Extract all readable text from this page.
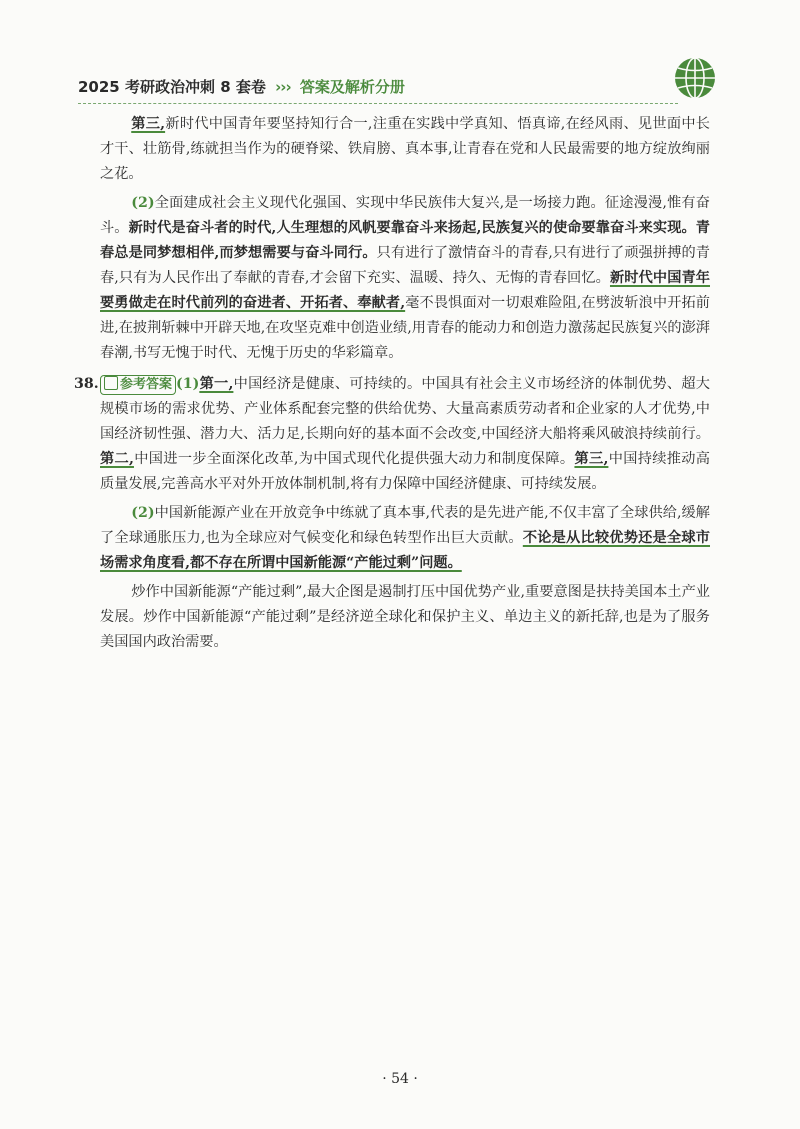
2025 考研政治冲刺 8 套卷 ››› 答案及解析分册

第三,新时代中国青年要坚持知行合一,注重在实践中学真知、悟真谛,在经风雨、见世面中长才干、壮筋骨,练就担当作为的硬脊梁、铁肩膀、真本事,让青春在党和人民最需要的地方绽放绚丽之花。

(2)全面建成社会主义现代化强国、实现中华民族伟大复兴,是一场接力跑。征途漫漫,惟有奋斗。新时代是奋斗者的时代,人生理想的风帆要靠奋斗来扬起,民族复兴的使命要靠奋斗来实现。青春总是同梦想相伴,而梦想需要与奋斗同行。只有进行了激情奋斗的青春,只有进行了顽强拼搏的青春,只有为人民作出了奉献的青春,才会留下充实、温暖、持久、无悔的青春回忆。新时代中国青年要勇做走在时代前列的奋进者、开拓者、奉献者,毫不畏惧面对一切艰难险阻,在劈波斩浪中开拓前进,在披荆斩棘中开辟天地,在攻坚克难中创造业绩,用青春的能动力和创造力激荡起民族复兴的澎湃春潮,书写无愧于时代、无愧于历史的华彩篇章。

38.	参考答案 (1)第一,中国经济是健康、可持续的。中国具有社会主义市场经济的体制优势、超大规模市场的需求优势、产业体系配套完整的供给优势、大量高素质劳动者和企业家的人才优势,中国经济韧性强、潜力大、活力足,长期向好的基本面不会改变,中国经济大船将乘风破浪持续前行。第二,中国进一步全面深化改革,为中国式现代化提供强大动力和制度保障。第三,中国持续推动高质量发展,完善高水平对外开放体制机制,将有力保障中国经济健康、可持续发展。

(2)中国新能源产业在开放竞争中练就了真本事,代表的是先进产能,不仅丰富了全球供给,缓解了全球通胀压力,也为全球应对气候变化和绿色转型作出巨大贡献。不论是从比较优势还是全球市场需求角度看,都不存在所谓中国新能源“产能过剩”问题。

炒作中国新能源“产能过剩”,最大企图是遏制打压中国优势产业,重要意图是扶持美国本土产业发展。炒作中国新能源“产能过剩”是经济逆全球化和保护主义、单边主义的新托辞,也是为了服务美国国内政治需要。

· 54 ·
